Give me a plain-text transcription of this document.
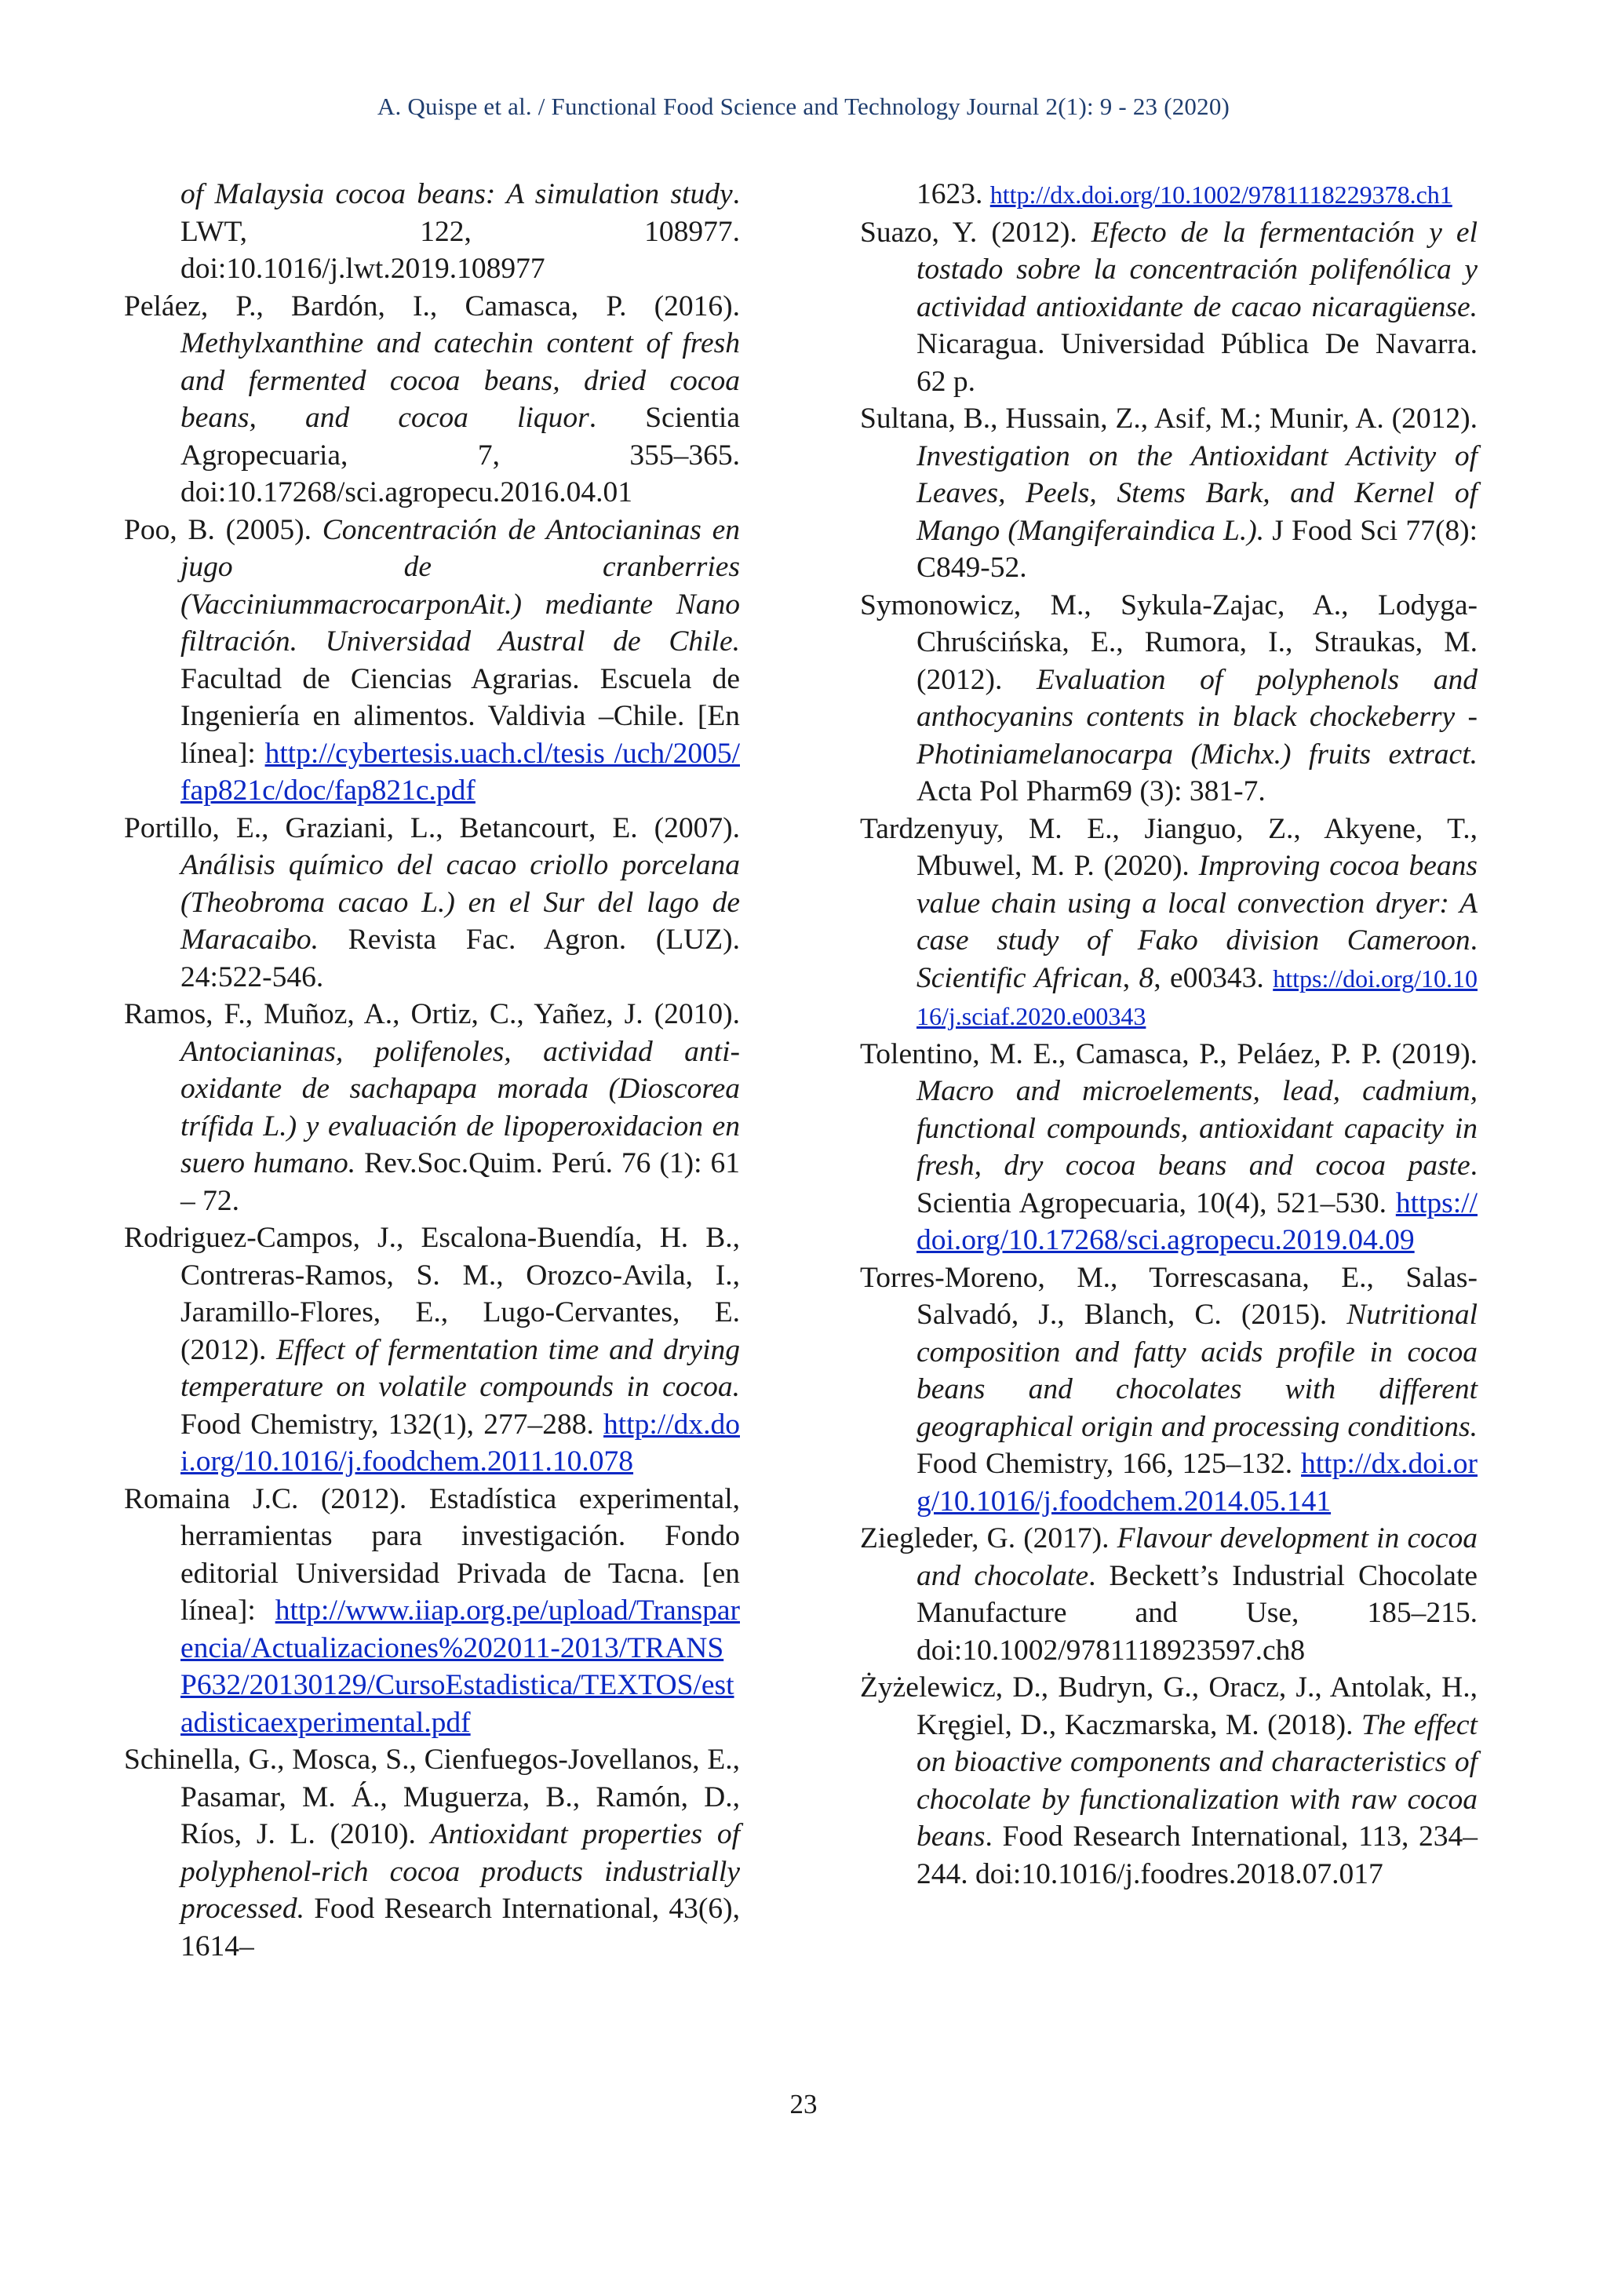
A. Quispe et al. / Functional Food Science and Technology Journal 2(1): 9 - 23 (2020)
of Malaysia cocoa beans: A simulation study. LWT, 122, 108977. doi:10.1016/j.lwt.2019.108977
Peláez, P., Bardón, I., Camasca, P. (2016). Methylxanthine and catechin content of fresh and fermented cocoa beans, dried cocoa beans, and cocoa liquor. Scientia Agropecuaria, 7, 355–365. doi:10.17268/sci.agropecu.2016.04.01
Poo, B. (2005). Concentración de Antocianinas en jugo de cranberries (VacciniummacrocarponAit.) mediante Nano filtración. Universidad Austral de Chile. Facultad de Ciencias Agrarias. Escuela de Ingeniería en alimentos. Valdivia –Chile. [En línea]: http://cybertesis.uach.cl/tesis /uch/2005/fap821c/doc/fap821c.pdf
Portillo, E., Graziani, L., Betancourt, E. (2007). Análisis químico del cacao criollo porcelana (Theobroma cacao L.) en el Sur del lago de Maracaibo. Revista Fac. Agron. (LUZ). 24:522-546.
Ramos, F., Muñoz, A., Ortiz, C., Yañez, J. (2010). Antocianinas, polifenoles, actividad anti-oxidante de sachapapa morada (Dioscorea trífida L.) y evaluación de lipoperoxidacion en suero humano. Rev.Soc.Quim. Perú. 76 (1): 61 – 72.
Rodriguez-Campos, J., Escalona-Buendía, H. B., Contreras-Ramos, S. M., Orozco-Avila, I., Jaramillo-Flores, E., Lugo-Cervantes, E. (2012). Effect of fermentation time and drying temperature on volatile compounds in cocoa. Food Chemistry, 132(1), 277–288. http://dx.doi.org/10.1016/j.foodchem.2011.10.078
Romaina J.C. (2012). Estadística experimental, herramientas para investigación. Fondo editorial Universidad Privada de Tacna. [en línea]: http://www.iiap.org.pe/upload/Transparencia/Actualizaciones%202011-2013/TRANSP632/20130129/CursoEstadistica/TEXTOS/estadisticaexperimental.pdf
Schinella, G., Mosca, S., Cienfuegos-Jovellanos, E., Pasamar, M. Á., Muguerza, B., Ramón, D., Ríos, J. L. (2010). Antioxidant properties of polyphenol-rich cocoa products industrially processed. Food Research International, 43(6), 1614–
1623. http://dx.doi.org/10.1002/9781118229378.ch1
Suazo, Y. (2012). Efecto de la fermentación y el tostado sobre la concentración polifenólica y actividad antioxidante de cacao nicaragüense. Nicaragua. Universidad Pública De Navarra. 62 p.
Sultana, B., Hussain, Z., Asif, M.; Munir, A. (2012). Investigation on the Antioxidant Activity of Leaves, Peels, Stems Bark, and Kernel of Mango (Mangiferaindica L.). J Food Sci 77(8): C849-52.
Symonowicz, M., Sykula-Zajac, A., Lodyga-Chruścińska, E., Rumora, I., Straukas, M. (2012). Evaluation of polyphenols and anthocyanins contents in black chockeberry - Photiniamelanocarpa (Michx.) fruits extract. Acta Pol Pharm69 (3): 381-7.
Tardzenyuy, M. E., Jianguo, Z., Akyene, T., Mbuwel, M. P. (2020). Improving cocoa beans value chain using a local convection dryer: A case study of Fako division Cameroon. Scientific African, 8, e00343. https://doi.org/10.1016/j.sciaf.2020.e00343
Tolentino, M. E., Camasca, P., Peláez, P. P. (2019). Macro and microelements, lead, cadmium, functional compounds, antioxidant capacity in fresh, dry cocoa beans and cocoa paste. Scientia Agropecuaria, 10(4), 521–530. https://doi.org/10.17268/sci.agropecu.2019.04.09
Torres-Moreno, M., Torrescasana, E., Salas-Salvadó, J., Blanch, C. (2015). Nutritional composition and fatty acids profile in cocoa beans and chocolates with different geographical origin and processing conditions. Food Chemistry, 166, 125–132. http://dx.doi.org/10.1016/j.foodchem.2014.05.141
Ziegleder, G. (2017). Flavour development in cocoa and chocolate. Beckett’s Industrial Chocolate Manufacture and Use, 185–215. doi:10.1002/9781118923597.ch8
Żyżelewicz, D., Budryn, G., Oracz, J., Antolak, H., Kręgiel, D., Kaczmarska, M. (2018). The effect on bioactive components and characteristics of chocolate by functionalization with raw cocoa beans. Food Research International, 113, 234–244. doi:10.1016/j.foodres.2018.07.017
23
